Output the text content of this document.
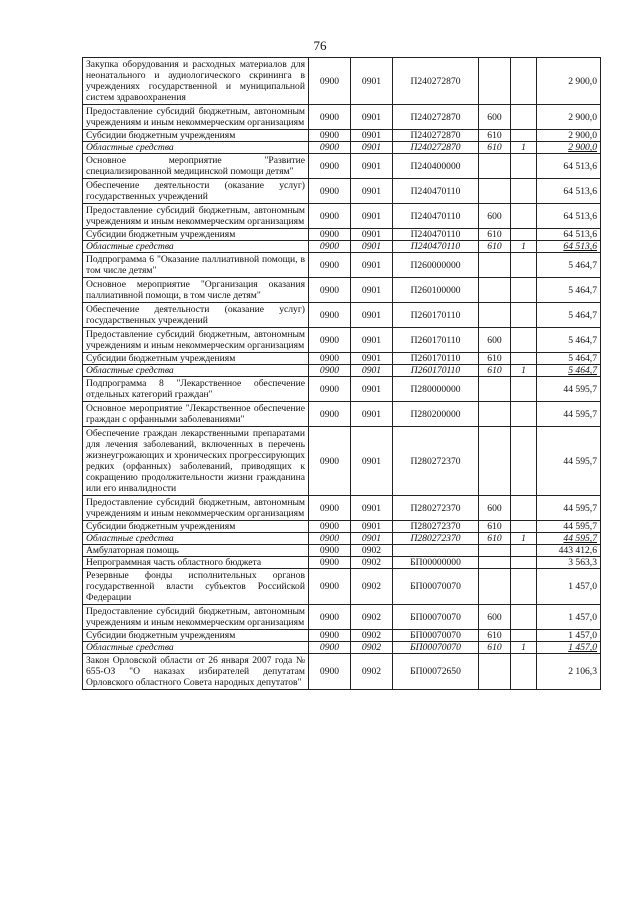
76
Закупка оборудования и расходных материалов для неонатального и аудиологического скрининга в учреждениях государственной и муниципальной систем здравоохранения	0900	0901	П240272870			2 900,0
Предоставление субсидий бюджетным, автономным учреждениям и иным некоммерческим организациям	0900	0901	П240272870	600		2 900,0
Субсидии бюджетным учреждениям	0900	0901	П240272870	610		2 900,0
Областные средства	0900	0901	П240272870	610	1	2 900,0
Основное мероприятие "Развитие специализированной медицинской помощи детям"	0900	0901	П240400000			64 513,6
Обеспечение деятельности (оказание услуг) государственных учреждений	0900	0901	П240470110			64 513,6
Предоставление субсидий бюджетным, автономным учреждениям и иным некоммерческим организациям	0900	0901	П240470110	600		64 513,6
Субсидии бюджетным учреждениям	0900	0901	П240470110	610		64 513,6
Областные средства	0900	0901	П240470110	610	1	64 513,6
Подпрограмма 6 "Оказание паллиативной помощи, в том числе детям"	0900	0901	П260000000			5 464,7
Основное мероприятие "Организация оказания паллиативной помощи, в том числе детям"	0900	0901	П260100000			5 464,7
Обеспечение деятельности (оказание услуг) государственных учреждений	0900	0901	П260170110			5 464,7
Предоставление субсидий бюджетным, автономным учреждениям и иным некоммерческим организациям	0900	0901	П260170110	600		5 464,7
Субсидии бюджетным учреждениям	0900	0901	П260170110	610		5 464,7
Областные средства	0900	0901	П260170110	610	1	5 464,7
Подпрограмма 8 "Лекарственное обеспечение отдельных категорий граждан"	0900	0901	П280000000			44 595,7
Основное мероприятие "Лекарственное обеспечение граждан с орфанными заболеваниями"	0900	0901	П280200000			44 595,7
Обеспечение граждан лекарственными препаратами для лечения заболеваний, включенных в перечень жизнеугрожающих и хронических прогрессирующих редких (орфанных) заболеваний, приводящих к сокращению продолжительности жизни гражданина или его инвалидности	0900	0901	П280272370			44 595,7
Предоставление субсидий бюджетным, автономным учреждениям и иным некоммерческим организациям	0900	0901	П280272370	600		44 595,7
Субсидии бюджетным учреждениям	0900	0901	П280272370	610		44 595,7
Областные средства	0900	0901	П280272370	610	1	44 595,7
Амбулаторная помощь	0900	0902				443 412,6
Непрограммная часть областного бюджета	0900	0902	БП00000000			3 563,3
Резервные фонды исполнительных органов государственной власти субъектов Российской Федерации	0900	0902	БП00070070			1 457,0
Предоставление субсидий бюджетным, автономным учреждениям и иным некоммерческим организациям	0900	0902	БП00070070	600		1 457,0
Субсидии бюджетным учреждениям	0900	0902	БП00070070	610		1 457,0
Областные средства	0900	0902	БП00070070	610	1	1 457,0
Закон Орловской области от 26 января 2007 года № 655-ОЗ "О наказах избирателей депутатам Орловского областного Совета народных депутатов"	0900	0902	БП00072650			2 106,3
